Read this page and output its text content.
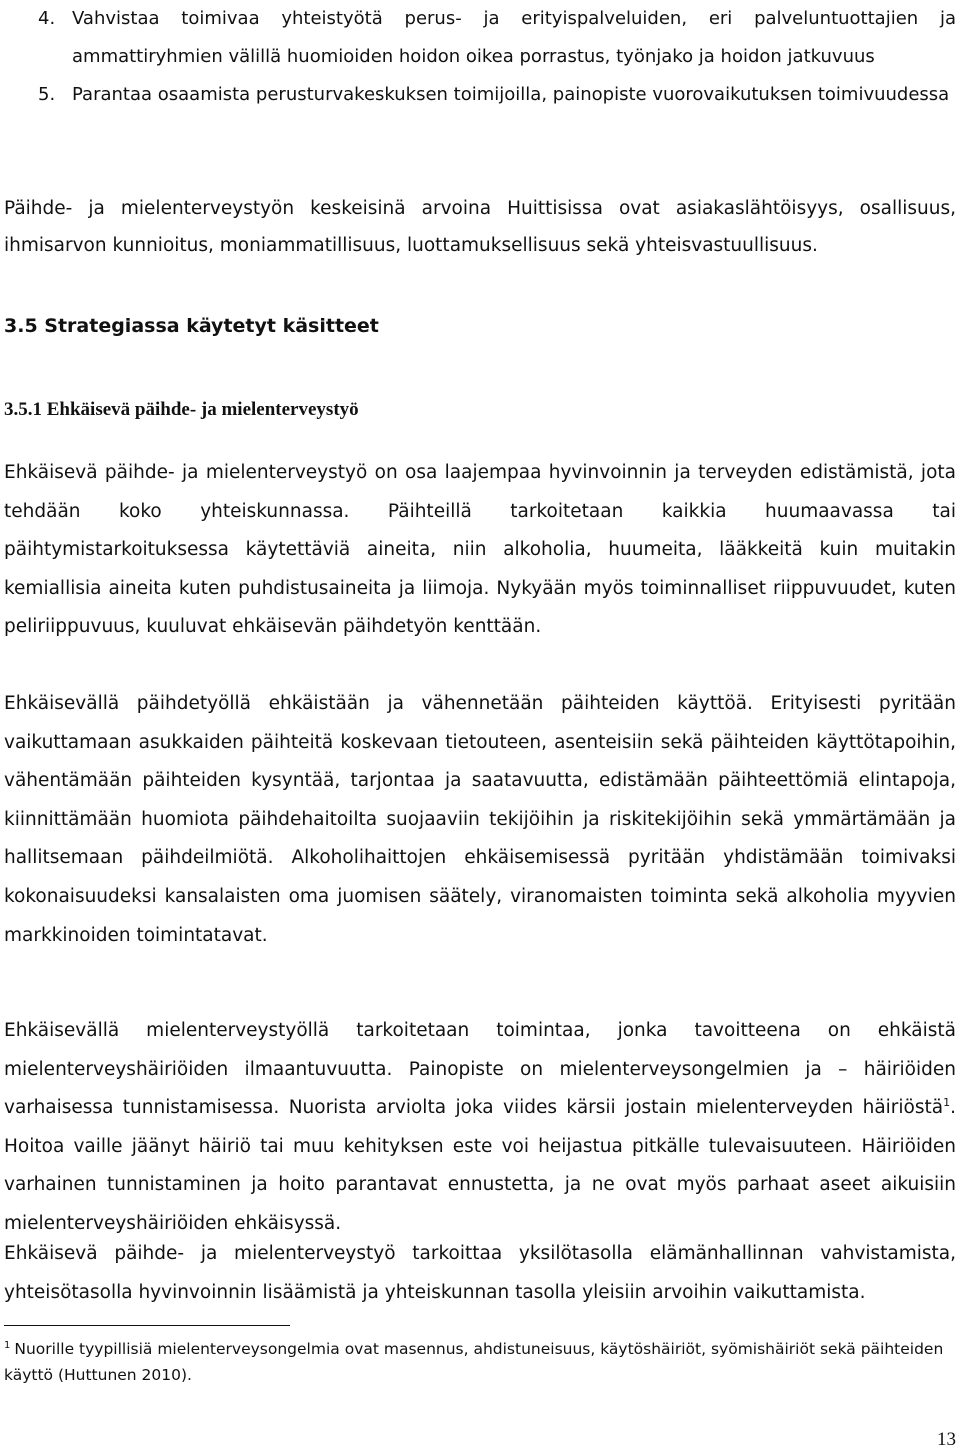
4. Vahvistaa toimivaa yhteistyötä perus- ja erityispalveluiden, eri palveluntuottajien ja ammattiryhmien välillä huomioiden hoidon oikea porrastus, työnjako ja hoidon jatkuvuus
5. Parantaa osaamista perusturvakeskuksen toimijoilla, painopiste vuorovaikutuksen toimivuudessa

Päihde- ja mielenterveystyön keskeisinä arvoina Huittisissa ovat asiakaslähtöisyys, osallisuus, ihmisarvon kunnioitus, moniammatillisuus, luottamuksellisuus sekä yhteisvastuullisuus.

3.5 Strategiassa käytetyt käsitteet
3.5.1 Ehkäisevä päihde- ja mielenterveystyö

Ehkäisevä päihde- ja mielenterveystyö on osa laajempaa hyvinvoinnin ja terveyden edistämistä, jota tehdään koko yhteiskunnassa. Päihteillä tarkoitetaan kaikkia huumaavassa tai päihtymistarkoituksessa käytettäviä aineita, niin alkoholia, huumeita, lääkkeitä kuin muitakin kemiallisia aineita kuten puhdistusaineita ja liimoja. Nykyään myös toiminnalliset riippuvuudet, kuten peliriippuvuus, kuuluvat ehkäisevän päihdetyön kenttään.

Ehkäisevällä päihdetyöllä ehkäistään ja vähennetään päihteiden käyttöä. Erityisesti pyritään vaikuttamaan asukkaiden päihteitä koskevaan tietouteen, asenteisiin sekä päihteiden käyttötapoihin, vähentämään päihteiden kysyntää, tarjontaa ja saatavuutta, edistämään päihteettömiä elintapoja, kiinnittämään huomiota päihdehaitoilta suojaaviin tekijöihin ja riskitekijöihin sekä ymmärtämään ja hallitsemaan päihdeilmiötä. Alkoholihaittojen ehkäisemisessä pyritään yhdistämään toimivaksi kokonaisuudeksi kansalaisten oma juomisen säätely, viranomaisten toiminta sekä alkoholia myyvien markkinoiden toimintatavat.

Ehkäisevällä mielenterveystyöllä tarkoitetaan toimintaa, jonka tavoitteena on ehkäistä mielenterveyshäiriöiden ilmaantuvuutta. Painopiste on mielenterveysongelmien ja – häiriöiden varhaisessa tunnistamisessa. Nuorista arviolta joka viides kärsii jostain mielenterveyden häiriöstä$^1$. Hoitoa vaille jäänyt häiriö tai muu kehityksen este voi heijastua pitkälle tulevaisuuteen. Häiriöiden varhainen tunnistaminen ja hoito parantavat ennustetta, ja ne ovat myös parhaat aseet aikuisiin mielenterveyshäiriöiden ehkäisyssä.

Ehkäisevä päihde- ja mielenterveystyö tarkoittaa yksilötasolla elämänhallinnan vahvistamista, yhteisötasolla hyvinvoinnin lisäämistä ja yhteiskunnan tasolla yleisiin arvoihin vaikuttamista.

$^1$ Nuorille tyypillisiä mielenterveysongelmia ovat masennus, ahdistuneisuus, käytöshäiriöt, syömishäiriöt sekä päihteiden käyttö (Huttunen 2010).

13
